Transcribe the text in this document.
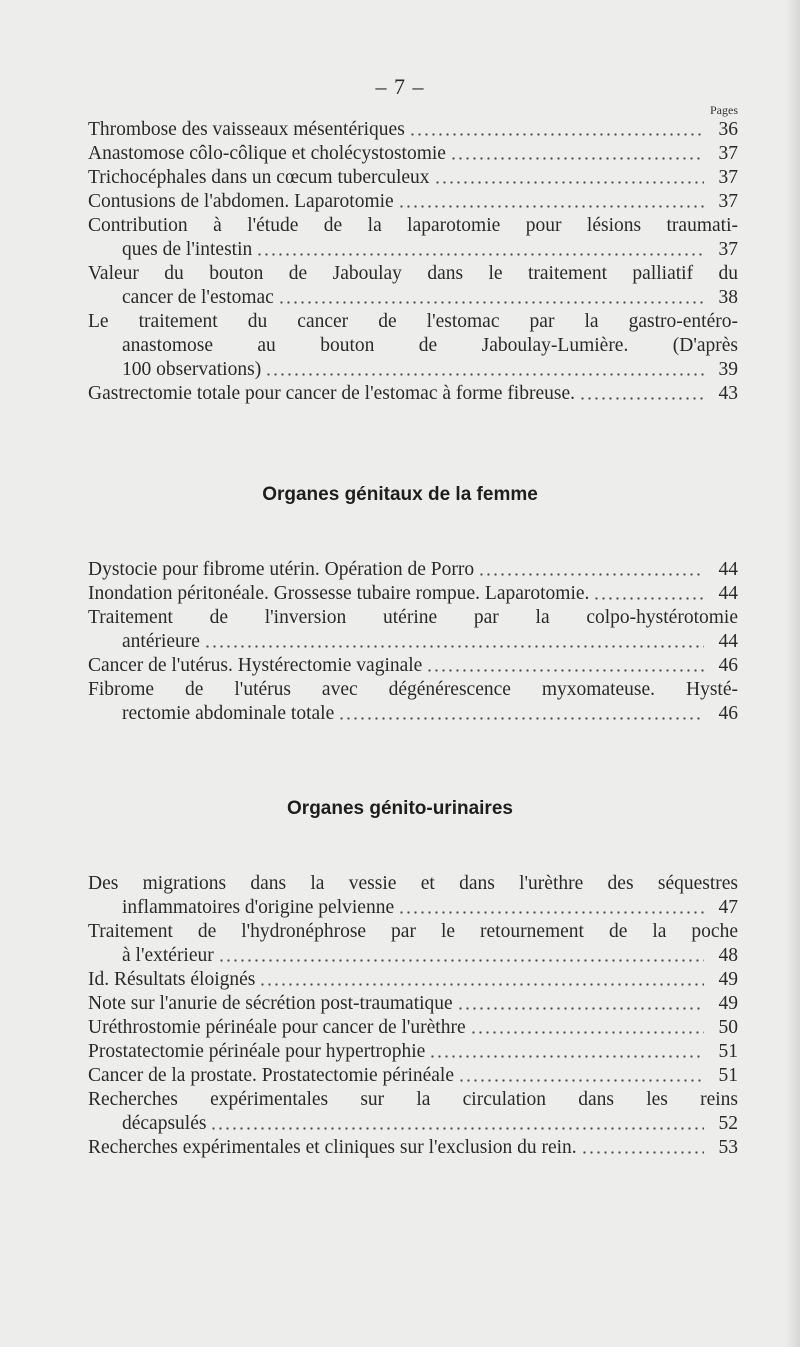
– 7 –
Pages
Thrombose des vaisseaux mésentériques	36
Anastomose côlo-côlique et cholécystostomie	37
Trichocéphales dans un cœcum tuberculeux	37
Contusions de l'abdomen. Laparotomie	37
Contribution à l'étude de la laparotomie pour lésions traumati-
ques de l'intestin	37
Valeur du bouton de Jaboulay dans le traitement palliatif du
cancer de l'estomac	38
Le traitement du cancer de l'estomac par la gastro-entéro-
anastomose au bouton de Jaboulay-Lumière. (D'après
100 observations)	39
Gastrectomie totale pour cancer de l'estomac à forme fibreuse.	43
Organes génitaux de la femme
Dystocie pour fibrome utérin. Opération de Porro	44
Inondation péritonéale. Grossesse tubaire rompue. Laparotomie.	44
Traitement de l'inversion utérine par la colpo-hystérotomie
antérieure	44
Cancer de l'utérus. Hystérectomie vaginale	46
Fibrome de l'utérus avec dégénérescence myxomateuse. Hysté-
rectomie abdominale totale	46
Organes génito-urinaires
Des migrations dans la vessie et dans l'urèthre des séquestres
inflammatoires d'origine pelvienne	47
Traitement de l'hydronéphrose par le retournement de la poche
à l'extérieur	48
Id. Résultats éloignés	49
Note sur l'anurie de sécrétion post-traumatique	49
Uréthrostomie périnéale pour cancer de l'urèthre	50
Prostatectomie périnéale pour hypertrophie	51
Cancer de la prostate. Prostatectomie périnéale	51
Recherches expérimentales sur la circulation dans les reins
décapsulés	52
Recherches expérimentales et cliniques sur l'exclusion du rein.	53
